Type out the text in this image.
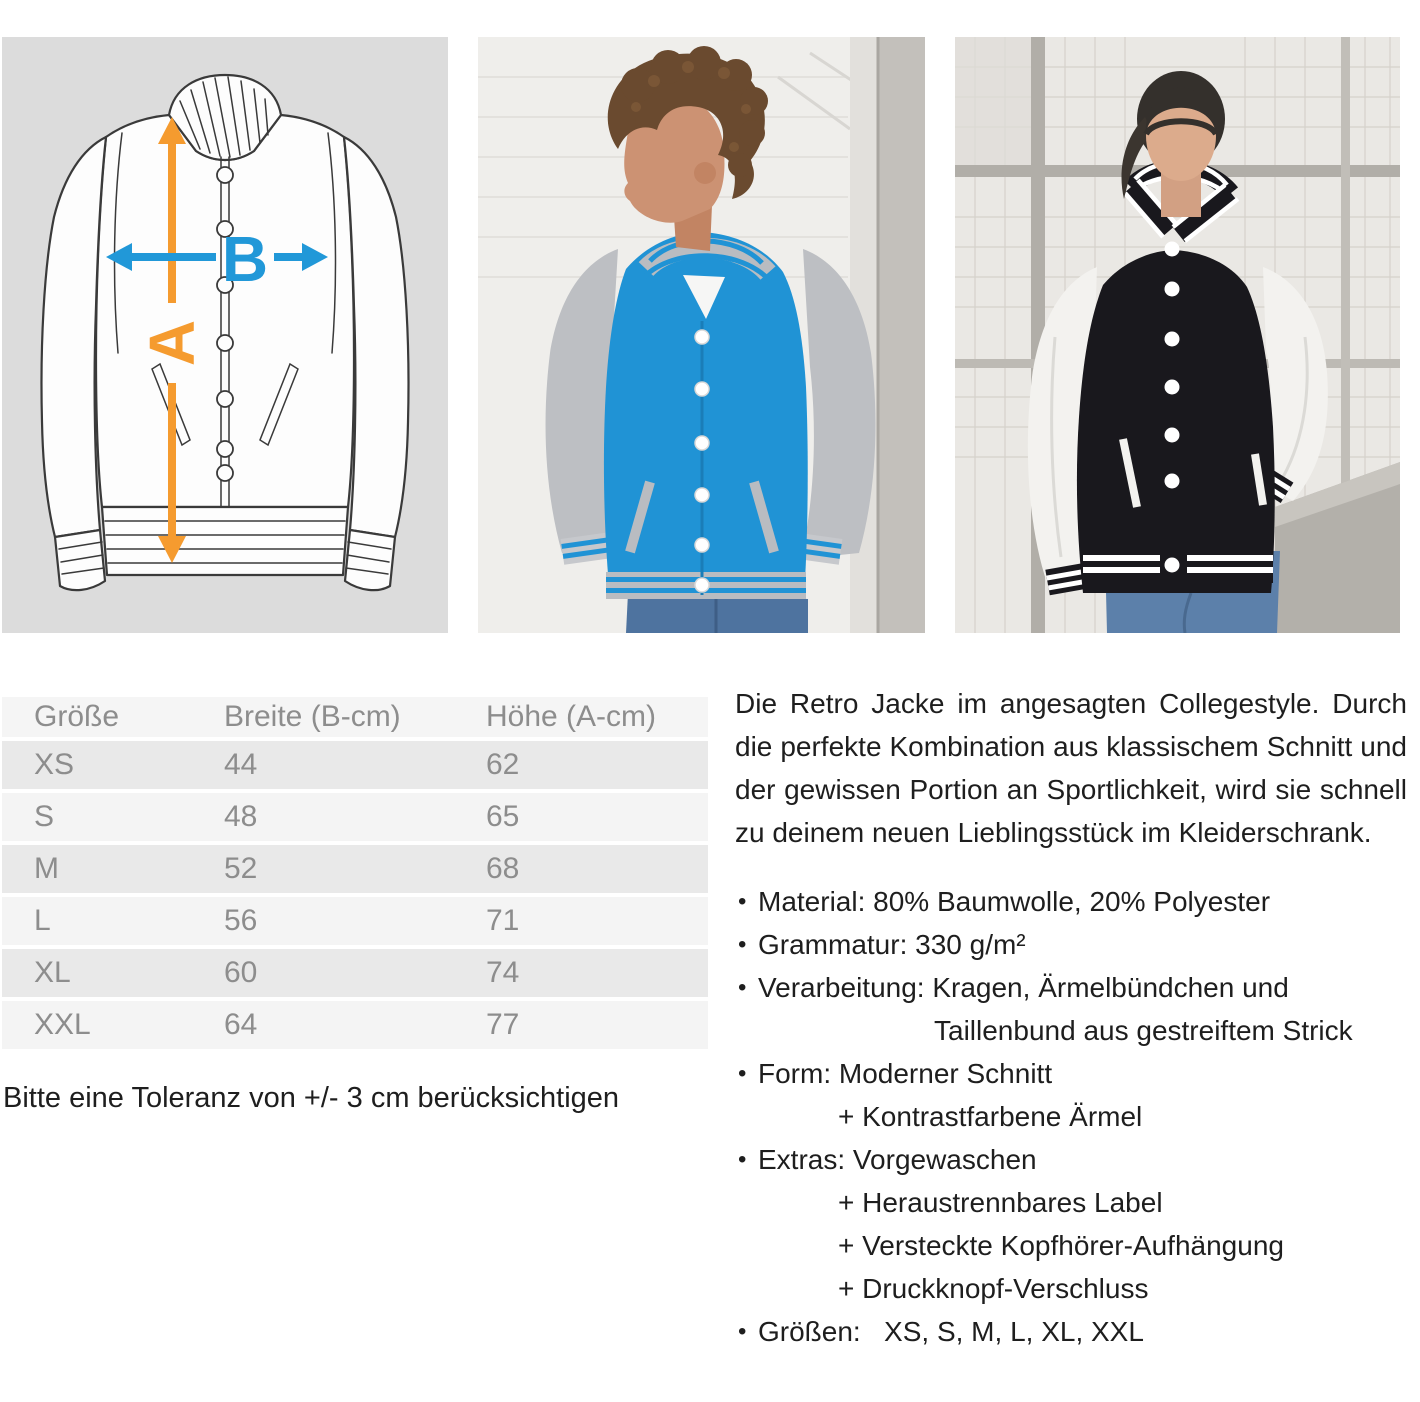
A
B
Größe	Breite (B-cm)	Höhe (A-cm)
XS	44	62
S	48	65
M	52	68
L	56	71
XL	60	74
XXL	64	77

Bitte eine Toleranz von +/- 3 cm berücksichtigen

Die Retro Jacke im angesagten Collegestyle. Durch die perfekte Kombination aus klassischem Schnitt und der gewissen Portion an Sportlichkeit, wird sie schnell zu deinem neuen Lieblingsstück im Kleiderschrank.

• Material: 80% Baumwolle, 20% Polyester
• Grammatur: 330 g/m²
• Verarbeitung: Kragen, Ärmelbündchen und
Taillenbund aus gestreiftem Strick
• Form: Moderner Schnitt
+ Kontrastfarbene Ärmel
• Extras: Vorgewaschen
+ Heraustrennbares Label
+ Versteckte Kopfhörer-Aufhängung
+ Druckknopf-Verschluss
• Größen:   XS, S, M, L, XL, XXL
